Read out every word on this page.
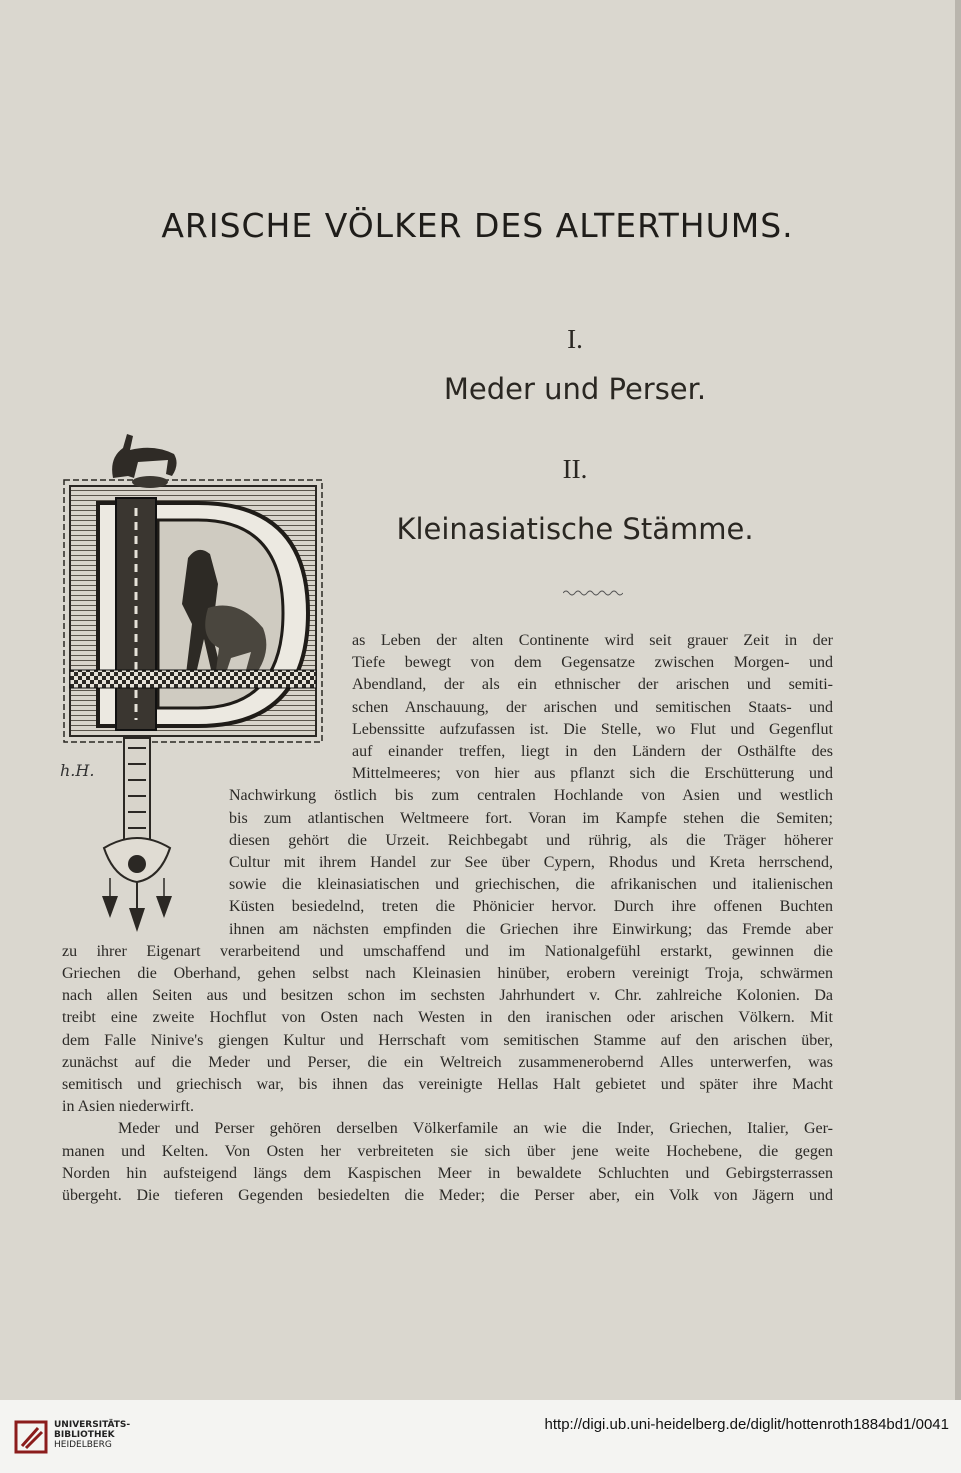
ARISCHE VÖLKER DES ALTERTHUMS.
I.
Meder und Perser.
II.
Kleinasiatische Stämme.
h.H.
as Leben der alten Continente wird seit grauer Zeit in der
Tiefe bewegt von dem Gegensatze zwischen Morgen- und
Abendland, der als ein ethnischer der arischen und semiti-
schen Anschauung, der arischen und semitischen Staats- und
Lebenssitte aufzufassen ist. Die Stelle, wo Flut und Gegenflut
auf einander treffen, liegt in den Ländern der Osthälfte des
Mittelmeeres; von hier aus pflanzt sich die Erschütterung und
Nachwirkung östlich bis zum centralen Hochlande von Asien und westlich
bis zum atlantischen Weltmeere fort. Voran im Kampfe stehen die Semiten;
diesen gehört die Urzeit. Reichbegabt und rührig, als die Träger höherer
Cultur mit ihrem Handel zur See über Cypern, Rhodus und Kreta herrschend,
sowie die kleinasiatischen und griechischen, die afrikanischen und italienischen
Küsten besiedelnd, treten die Phönicier hervor. Durch ihre offenen Buchten
ihnen am nächsten empfinden die Griechen ihre Einwirkung; das Fremde aber
zu ihrer Eigenart verarbeitend und umschaffend und im Nationalgefühl erstarkt, gewinnen die
Griechen die Oberhand, gehen selbst nach Kleinasien hinüber, erobern vereinigt Troja, schwärmen
nach allen Seiten aus und besitzen schon im sechsten Jahrhundert v. Chr. zahlreiche Kolonien. Da
treibt eine zweite Hochflut von Osten nach Westen in den iranischen oder arischen Völkern. Mit
dem Falle Ninive's giengen Kultur und Herrschaft vom semitischen Stamme auf den arischen über,
zunächst auf die Meder und Perser, die ein Weltreich zusammenerobernd Alles unterwerfen, was
semitisch und griechisch war, bis ihnen das vereinigte Hellas Halt gebietet und später ihre Macht
in Asien niederwirft.
Meder und Perser gehören derselben Völkerfamile an wie die Inder, Griechen, Italier, Ger-
manen und Kelten. Von Osten her verbreiteten sie sich über jene weite Hochebene, die gegen
Norden hin aufsteigend längs dem Kaspischen Meer in bewaldete Schluchten und Gebirgsterrassen
übergeht. Die tieferen Gegenden besiedelten die Meder; die Perser aber, ein Volk von Jägern und
UNIVERSITÄTS-
BIBLIOTHEK
HEIDELBERG
http://digi.ub.uni-heidelberg.de/diglit/hottenroth1884bd1/0041
